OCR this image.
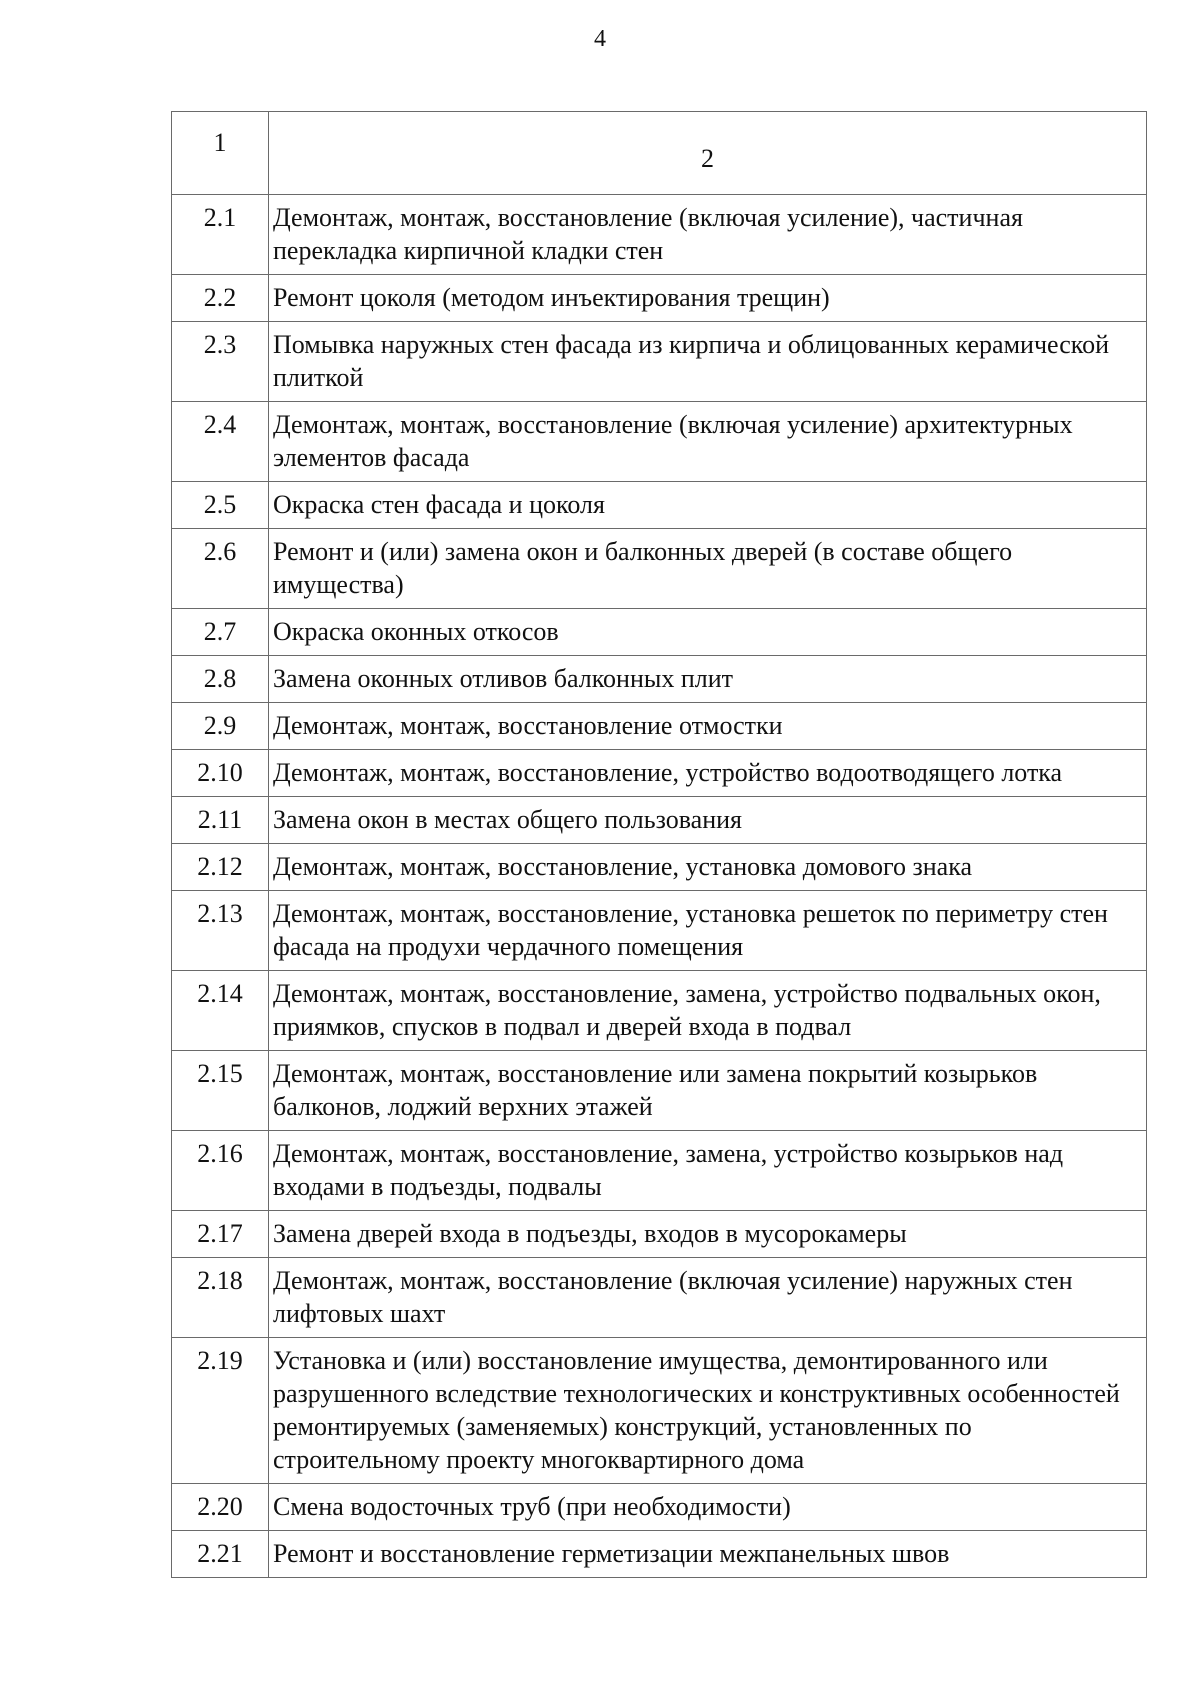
4
1	2
2.1	Демонтаж, монтаж, восстановление (включая усиление), частичная перекладка кирпичной кладки стен
2.2	Ремонт цоколя (методом инъектирования трещин)
2.3	Помывка наружных стен фасада из кирпича и облицованных керамической плиткой
2.4	Демонтаж, монтаж, восстановление (включая усиление) архитектурных элементов фасада
2.5	Окраска стен фасада и цоколя
2.6	Ремонт и (или) замена окон и балконных дверей (в составе общего имущества)
2.7	Окраска оконных откосов
2.8	Замена оконных отливов балконных плит
2.9	Демонтаж, монтаж, восстановление отмостки
2.10	Демонтаж, монтаж, восстановление, устройство водоотводящего лотка
2.11	Замена окон в местах общего пользования
2.12	Демонтаж, монтаж, восстановление, установка домового знака
2.13	Демонтаж, монтаж, восстановление, установка решеток по периметру стен фасада на продухи чердачного помещения
2.14	Демонтаж, монтаж, восстановление, замена, устройство подвальных окон, приямков, спусков в подвал и дверей входа в подвал
2.15	Демонтаж, монтаж, восстановление или замена покрытий козырьков балконов, лоджий верхних этажей
2.16	Демонтаж, монтаж, восстановление, замена, устройство козырьков над входами в подъезды, подвалы
2.17	Замена дверей входа в подъезды, входов в мусорокамеры
2.18	Демонтаж, монтаж, восстановление (включая усиление) наружных стен лифтовых шахт
2.19	Установка и (или) восстановление имущества, демонтированного или разрушенного вследствие технологических и конструктивных особенностей ремонтируемых (заменяемых) конструкций, установленных по строительному проекту многоквартирного дома
2.20	Смена водосточных труб (при необходимости)
2.21	Ремонт и восстановление герметизации межпанельных швов
